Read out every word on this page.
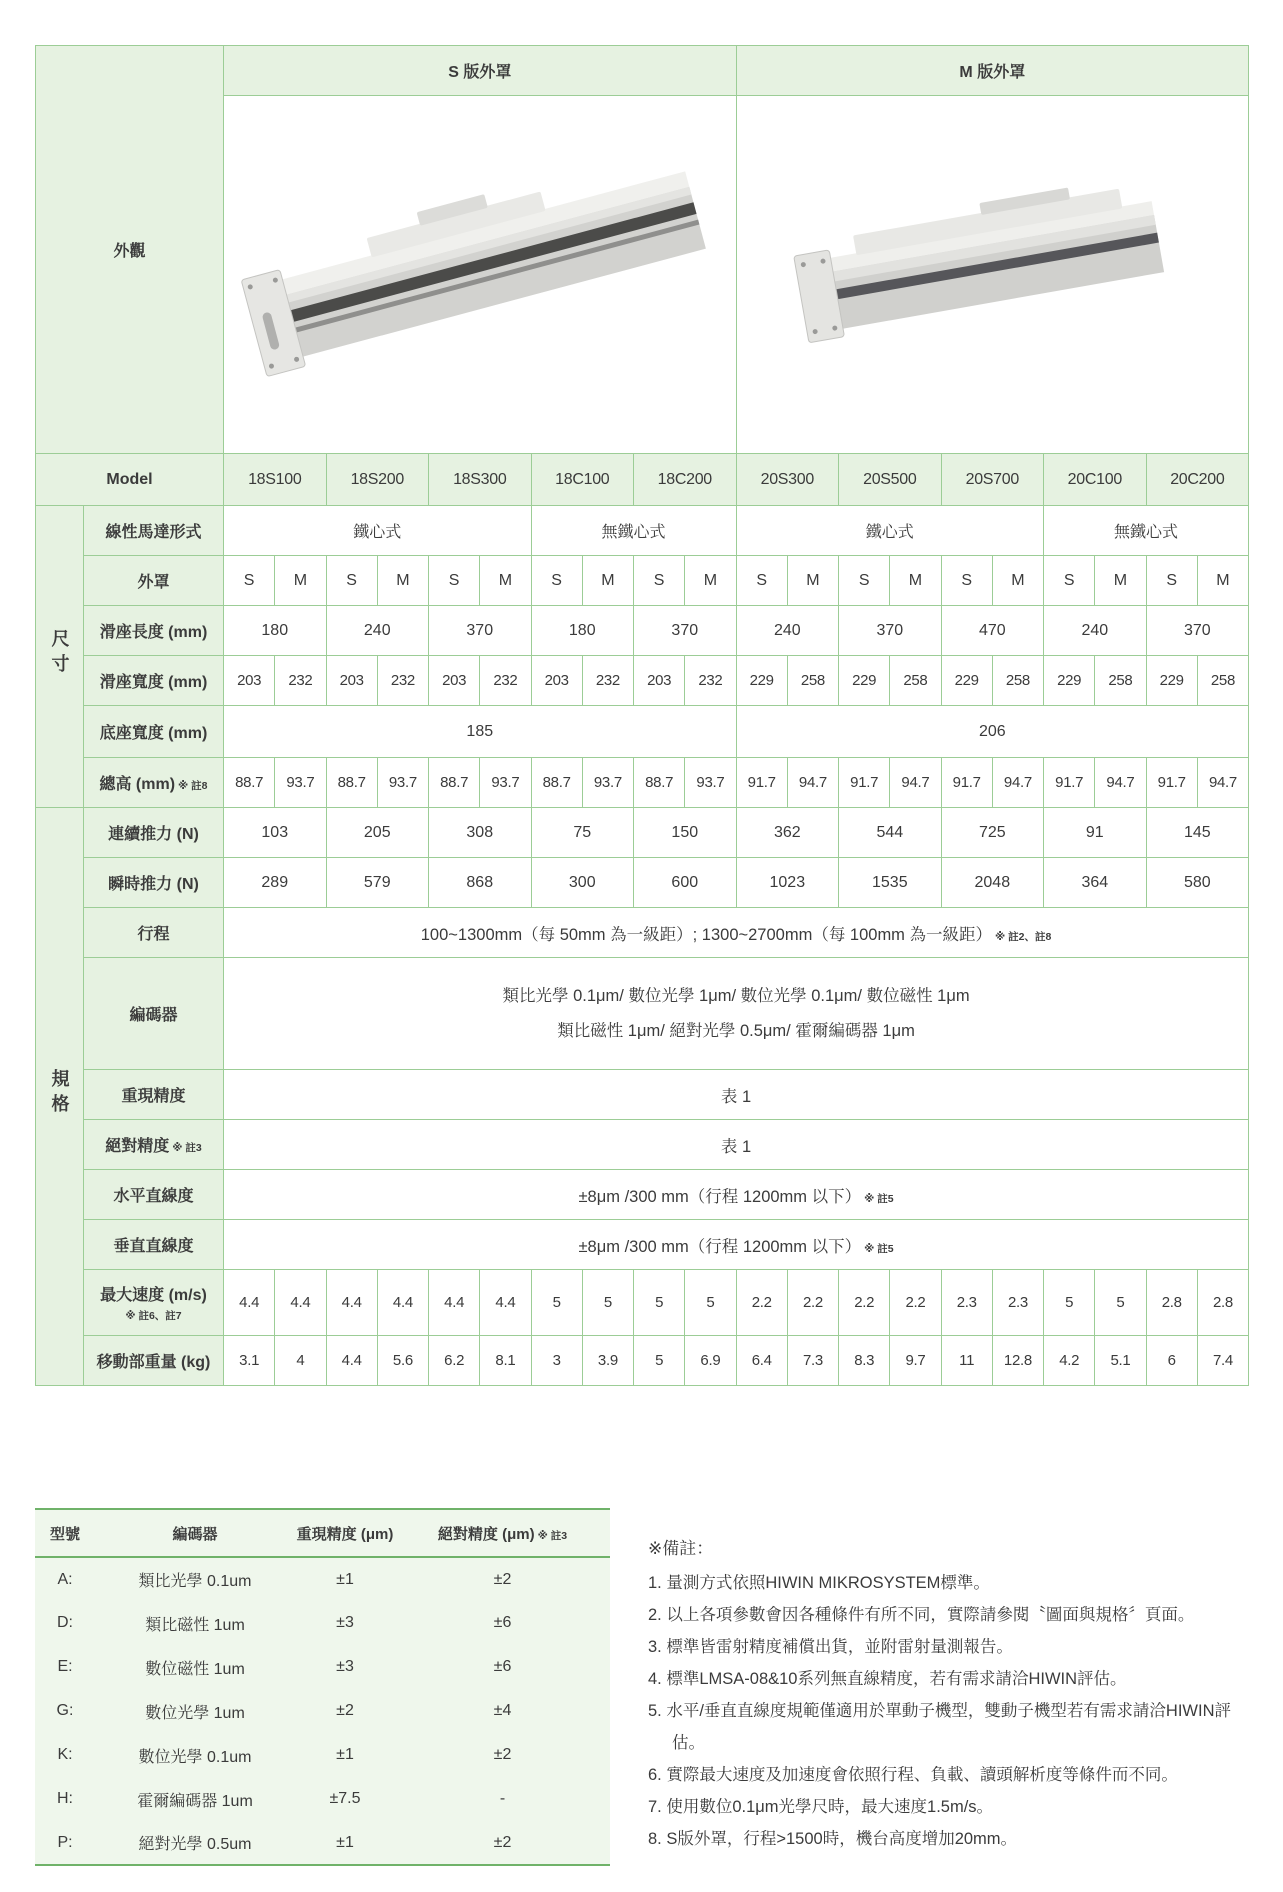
外觀		S 版外罩										M 版外罩									

Model		18S100		18S200		18S300		18C100		18C200		20S300		20S500		20S700		20C100		20C200	
尺寸	線性馬達形式	鐵心式						無鐵心式				鐵心式						無鐵心式			
	外罩	S	M	S	M	S	M	S	M	S	M	S	M	S	M	S	M	S	M	S	M
	滑座長度 (mm)	180		240		370		180		370		240		370		470		240		370	
	滑座寬度 (mm)	203	232	203	232	203	232	203	232	203	232	229	258	229	258	229	258	229	258	229	258
	底座寬度 (mm)	185										206									
	總高 (mm) ※ 註8	88.7	93.7	88.7	93.7	88.7	93.7	88.7	93.7	88.7	93.7	91.7	94.7	91.7	94.7	91.7	94.7	91.7	94.7	91.7	94.7
規格	連續推力 (N)	103		205		308		75		150		362		544		725		91		145	
	瞬時推力 (N)	289		579		868		300		600		1023		1535		2048		364		580	
	行程	100~1300mm（每 50mm 為一級距）; 1300~2700mm（每 100mm 為一級距） ※ 註2、註8																			
	編碼器	類比光學 0.1μm/ 數位光學 1μm/ 數位光學 0.1μm/ 數位磁性 1μm
類比磁性 1μm/ 絕對光學 0.5μm/ 霍爾編碼器 1μm																			

	重現精度	表 1																			
	絕對精度 ※ 註3	表 1																			
	水平直線度	±8μm /300 mm（行程 1200mm 以下） ※ 註5																			
	垂直直線度	±8μm /300 mm（行程 1200mm 以下） ※ 註5																			
	最大速度 (m/s)
※ 註6、註7	4.4	4.4	4.4	4.4	4.4	4.4	5	5	5	5	2.2	2.2	2.2	2.2	2.3	2.3	5	5	2.8	2.8
	移動部重量 (kg)	3.1	4	4.4	5.6	6.2	8.1	3	3.9	5	6.9	6.4	7.3	8.3	9.7	11	12.8	4.2	5.1	6	7.4
型號	編碼器	重現精度 (μm)	絕對精度 (μm) ※ 註3
A:	類比光學 0.1um	±1	±2
D:	類比磁性 1um	±3	±6
E:	數位磁性 1um	±3	±6
G:	數位光學 1um	±2	±4
K:	數位光學 0.1um	±1	±2
H:	霍爾編碼器 1um	±7.5	-
P:	絕對光學 0.5um	±1	±2
※備註：
1. 量測方式依照HIWIN MIKROSYSTEM標準。
2. 以上各項參數會因各種條件有所不同，實際請參閱〝圖面與規格〞頁面。
3. 標準皆雷射精度補償出貨，並附雷射量測報告。
4. 標準LMSA-08&10系列無直線精度，若有需求請洽HIWIN評估。
5. 水平/垂直直線度規範僅適用於單動子機型，雙動子機型若有需求請洽HIWIN評估。
6. 實際最大速度及加速度會依照行程、負載、讀頭解析度等條件而不同。
7. 使用數位0.1μm光學尺時，最大速度1.5m/s。
8. S版外罩，行程>1500時，機台高度增加20mm。
